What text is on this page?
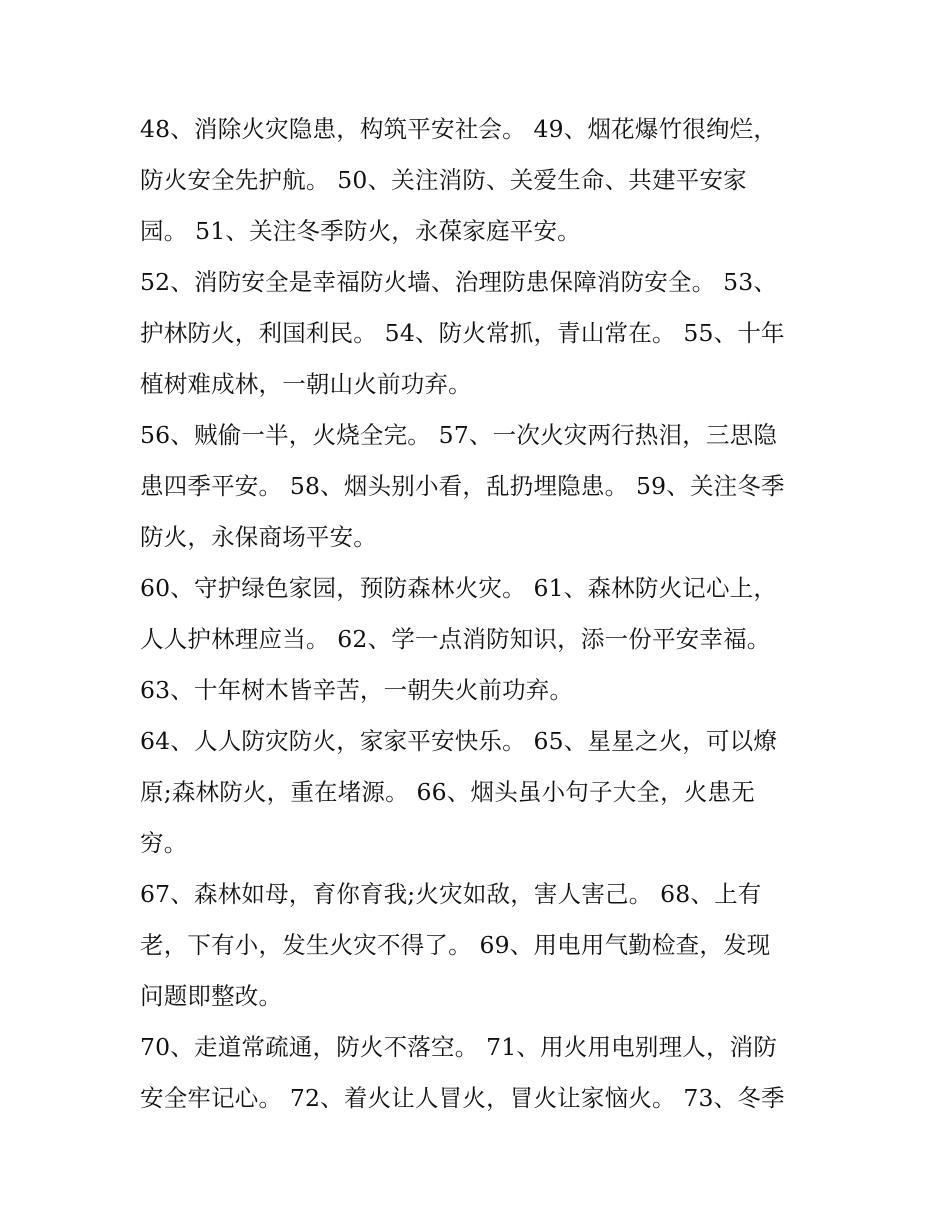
48、消除火灾隐患，构筑平安社会。 49、烟花爆竹很绚烂，
防火安全先护航。 50、关注消防、关爱生命、共建平安家
园。 51、关注冬季防火，永葆家庭平安。
52、消防安全是幸福防火墙、治理防患保障消防安全。 53、
护林防火，利国利民。 54、防火常抓，青山常在。 55、十年
植树难成林，一朝山火前功弃。
56、贼偷一半，火烧全完。 57、一次火灾两行热泪，三思隐
患四季平安。 58、烟头别小看，乱扔埋隐患。 59、关注冬季
防火，永保商场平安。
60、守护绿色家园，预防森林火灾。 61、森林防火记心上，
人人护林理应当。 62、学一点消防知识，添一份平安幸福。
63、十年树木皆辛苦，一朝失火前功弃。
64、人人防灾防火，家家平安快乐。 65、星星之火，可以燎
原;森林防火，重在堵源。 66、烟头虽小句子大全，火患无
穷。
67、森林如母，育你育我;火灾如敌，害人害己。 68、上有
老，下有小，发生火灾不得了。 69、用电用气勤检查，发现
问题即整改。
70、走道常疏通，防火不落空。 71、用火用电别理人，消防
安全牢记心。 72、着火让人冒火，冒火让家恼火。 73、冬季
